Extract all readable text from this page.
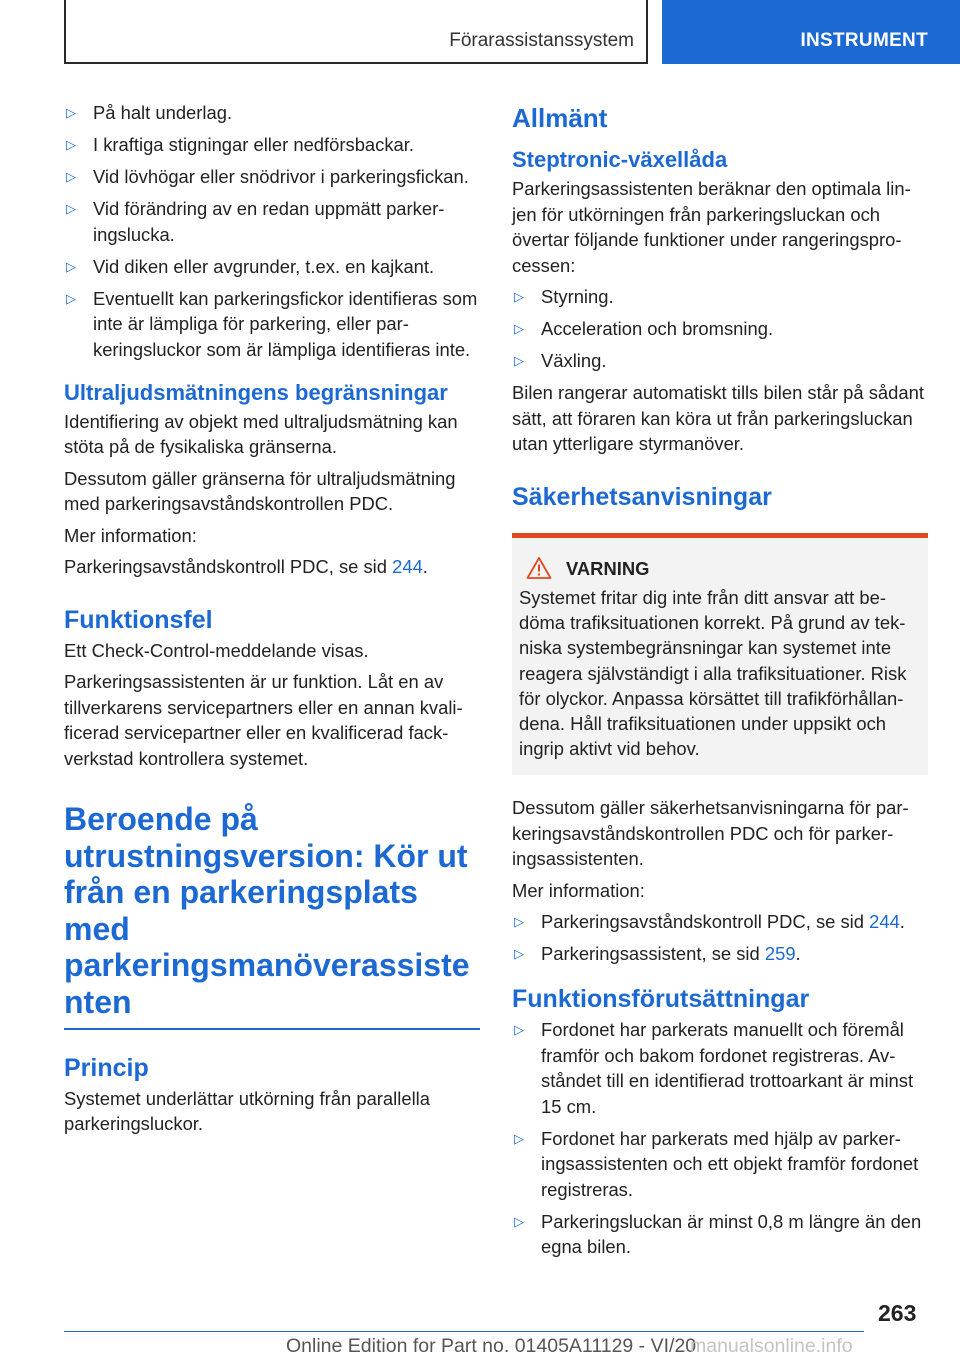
Förarassistanssystem	INSTRUMENT
▷ På halt underlag.
▷ I kraftiga stigningar eller nedförsbackar.
▷ Vid lövhögar eller snödrivor i parkeringsfickan.
▷ Vid förändring av en redan uppmätt parkeringslucka.
▷ Vid diken eller avgrunder, t.ex. en kajkant.
▷ Eventuellt kan parkeringsfickor identifieras som inte är lämpliga för parkering, eller parkeringsluckor som är lämpliga identifieras inte.
Ultraljudsmätningens begränsningar

Identifiering av objekt med ultraljudsmätning kan stöta på de fysikaliska gränserna.

Dessutom gäller gränserna för ultraljudsmätning med parkeringsavståndskontrollen PDC.

Mer information:

Parkeringsavståndskontroll PDC, se sid 244.

Funktionsfel

Ett Check-Control-meddelande visas.

Parkeringsassistenten är ur funktion. Låt en av tillverkarens servicepartners eller en annan kvalificerad servicepartner eller en kvalificerad fackverkstad kontrollera systemet.

Beroende på utrustningsversion: Kör ut från en parkeringsplats med parkeringsmanöverassiste nten
Princip

Systemet underlättar utkörning från parallella parkeringsluckor.

Allmänt
Steptronic-växellåda

Parkeringsassistenten beräknar den optimala linjen för utkörningen från parkeringsluckan och övertar följande funktioner under rangeringsprocessen:

▷ Styrning.
▷ Acceleration och bromsning.
▷ Växling.

Bilen rangerar automatiskt tills bilen står på sådant sätt, att föraren kan köra ut från parkeringsluckan utan ytterligare styrmanöver.

Säkerhetsanvisningar
VARNING

Systemet fritar dig inte från ditt ansvar att bedöma trafiksituationen korrekt. På grund av tekniska systembegränsningar kan systemet inte reagera självständigt i alla trafiksituationer. Risk för olyckor. Anpassa körsättet till trafikförhållandena. Håll trafiksituationen under uppsikt och ingrip aktivt vid behov.

Dessutom gäller säkerhetsanvisningarna för parkeringsavståndskontrollen PDC och för parkeringsassistenten.

Mer information:

▷ Parkeringsavståndskontroll PDC, se sid 244.
▷ Parkeringsassistent, se sid 259.
Funktionsförutsättningar
▷ Fordonet har parkerats manuellt och föremål framför och bakom fordonet registreras. Avståndet till en identifierad trottoarkant är minst 15 cm.
▷ Fordonet har parkerats med hjälp av parkeringsassistenten och ett objekt framför fordonet registreras.
▷ Parkeringsluckan är minst 0,8 m längre än den egna bilen.
263
Online Edition for Part no. 01405A11129 - VI/20
manualsonline.info
